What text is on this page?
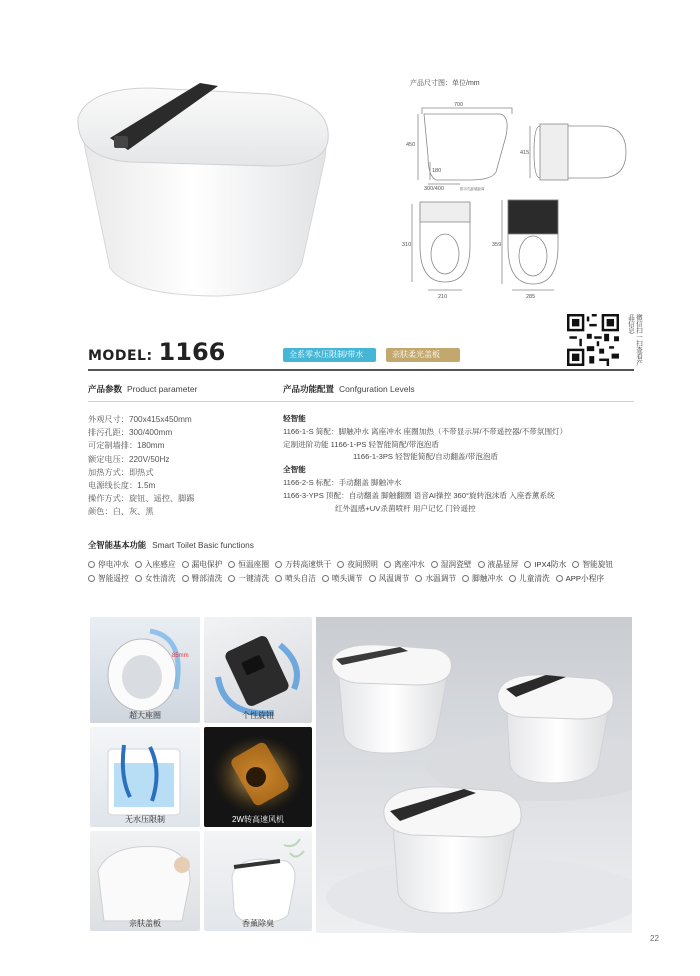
产品尺寸图：单位/mm
700
450
180
300/400	排污孔距墙距离
415
310
210
359
285
微信扫一扫查看产品信息
MODEL: 1166	全系零水压限制/带水	亲肤柔光盖板
产品参数 Product parameter	产品功能配置 Confguration Levels
外观尺寸：700x415x450mm
排污孔距：300/400mm
可定制墙排：180mm
额定电压：220V/50Hz
加热方式：即热式
电源线长度：1.5m
操作方式：旋钮、遥控、脚踢
颜色：白、灰、黑
轻智能
1166-1-S 简配：脚触冲水 离座冲水 座圈加热（不带显示屏/不带遥控器/不带氛围灯）
定制进阶功能 1166-1-PS 轻智能简配/带泡泡盾
1166-1-3PS 轻智能简配/自动翻盖/带泡泡盾
全智能
1166-2-S 标配：手动翻盖 脚触冲水
1166-3-YPS 顶配：自动翻盖 脚触翻圈 语音AI操控 360°旋转泡沫盾 入座香薰系统
红外温感+UV杀菌喷杆 用户记忆 门铃遥控
全智能基本功能 Smart Toilet Basic functions
停电冲水 入座感应 漏电保护 恒温座圈 万转高速烘干 夜间照明 离座冲水 湿润瓷壁 液晶显屏 IPX4防水 智能旋钮智能遥控 女性清洗 臀部清洗 一键清洗 喷头自洁 喷头调节 风温调节 水温调节 脚触冲水 儿童清洗 APP小程序
85mm
超大座圈	个性旋钮
无水压限制	2W转高速风机
亲肤盖板	香薰除臭
22
